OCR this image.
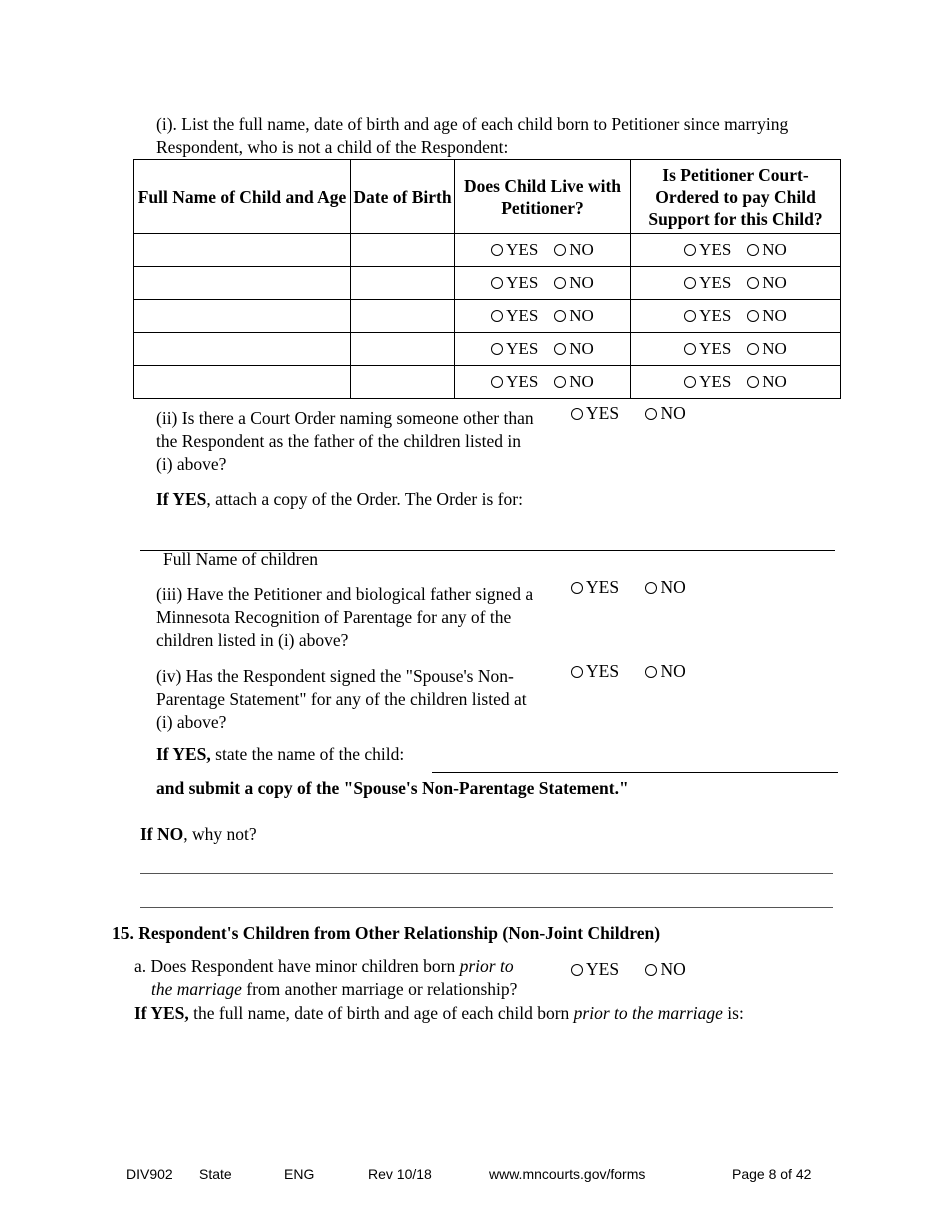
(i). List the full name, date of birth and age of each child born to Petitioner since marrying Respondent, who is not a child of the Respondent:
Full Name of Child and Age	Date of Birth	Does Child Live with Petitioner?	Is Petitioner Court-Ordered to pay Child Support for this Child?
		YES NO	YES NO
		YES NO	YES NO
		YES NO	YES NO
		YES NO	YES NO
		YES NO	YES NO
(ii) Is there a Court Order naming someone other than
the Respondent as the father of the children listed in
(i) above?
YES NO
If YES, attach a copy of the Order. The Order is for:
Full Name of children
(iii) Have the Petitioner and biological father signed a
Minnesota Recognition of Parentage for any of the
children listed in (i) above?
YES NO
(iv) Has the Respondent signed the "Spouse's Non-
Parentage Statement" for any of the children listed at
(i) above?
YES NO
If YES, state the name of the child:
and submit a copy of the "Spouse's Non-Parentage Statement."
If NO, why not?
15. Respondent's Children from Other Relationship (Non-Joint Children)
a. Does Respondent have minor children born prior to
the marriage from another marriage or relationship?
YES NO
If YES, the full name, date of birth and age of each child born prior to the marriage is:
DIV902 State	ENG	Rev 10/18	www.mncourts.gov/forms	Page 8 of 42
